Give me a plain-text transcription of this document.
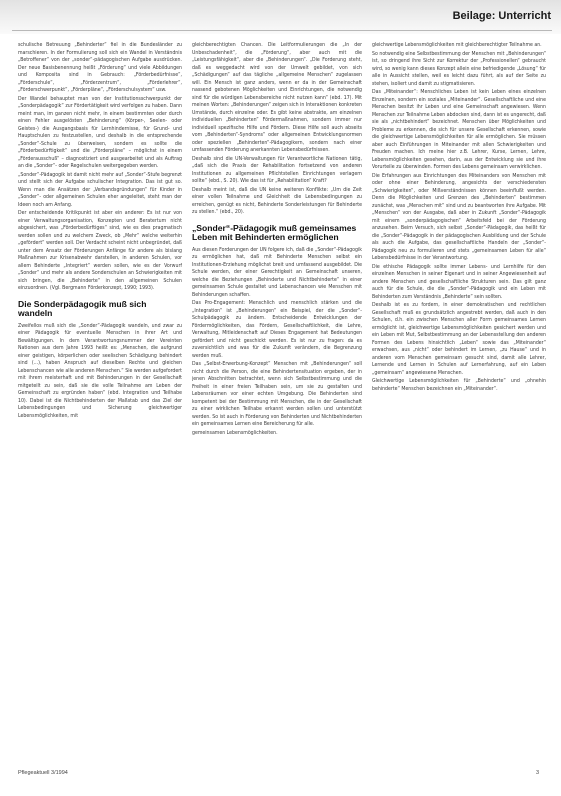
Beilage: Unterricht

schulische Betreuung „Behinderter“ fiel in die Bundesländer zu marschieren. In der Formulierung soll sich ein Wandel in Verständnis „Betroffener“ von der „sonder“-pädagogischen Aufgabe ausdrücken. Der neue Basisbenennung heißt „Förderung“ und viele Abbildungen und Komposita sind in Gebrauch: „Förderbedürfnisse“, „Förderschule“, „Förderzentrum“, „Förderlehrer“, „Förderschwerpunkt“, „Förderpläne“, „Förderschulsystem“ usw.

Der Wandel behauptet man von der Institutionsschwerpunkt der „Sonderpädagogik“ zur Fördertätigkeit wird verfolgen zu haben. Dann meint man, im ganzen nicht mehr, in einem bestimmten oder durch einen Fehler ausgelösten „Behinderung“ (Körper-, Seelen- oder Geistes-) die Ausgangsbasis für Lernhindernisse, für Grund- und Hauptschulen zu festzustellen, und deshalb in die entsprechende „Sonder“-Schule zu überweisen, sondern es sollte die „Förderbedürftigkeit“ und die „Förderpläne“ – möglichst in einem „Förderausschuß“ – diagnostiziert und ausgearbeitet und als Auftrag an die „Sonder“- oder Regelschulen weitergegeben werden.

„Sonder“-Pädagogik ist damit nicht mehr auf „Sonder“-Stufe begrenzt und stellt sich der Aufgabe schulischer Integration. Das ist gut so. Wenn man die Ansätzen der „Verbandsgründungen“ für Kinder in „Sonder“- oder allgemeinen Schulen eher angeleitet, steht man der Ideen noch am Anfang.

Der entscheidende Kritikpunkt ist aber ein anderer: Es ist nur von einer Verwaltungsorganisation, Konzepten und Beratertum nicht abgesichert, was „Förderbedürftiges“ sind, wie es dies pragmatisch werden sollen und zu welchem Zweck, ob „Mehr“ welche weiterhin „gefördert“ werden soll. Der Verdacht scheint nicht unbegründet, daß unter dem Ansatz der Förderungen Anfänge für andere als bislang Maßnahmen zur Krisenabwehr darstellen, in anderen Schulen, vor allem Behinderte „Integriert“ werden sollen, wie es der Vorwurf „Sonder“ und mehr als andere Sonderschulen an Schwierigkeiten mit sich bringen, die „Behinderte“ in den allgemeinen Schulen einzuordnen. (Vgl. Bergmann Förderkonzept, 1990; 1993).

Die Sonderpädagogik muß sich wandeln

Zweifellos muß sich die „Sonder“-Pädagogik wandeln, und zwar zu einer Pädagogik für eventuelle Menschen in ihrer Art und Bewältigungen. In dem Verantwortungsnummer der Vereinten Nationen aus dem Jahre 1993 heißt es: „Menschen, die aufgrund einer geistigen, körperlichen oder seelischen Schädigung behindert sind (...), haben Anspruch auf dieselben Rechte und gleichen Lebenschancen wie alle anderen Menschen.“ Sie werden aufgefordert mit ihrem meisterhaft und mit Behinderungen in der Gesellschaft mitgeteilt zu sein, daß sie die volle Teilnahme am Leben der Gemeinschaft zu ergründen haben“ (ebd. Integration und Teilhabe 10). Dabei ist die Nichtbehinderten der Maßstab und das Ziel der Lebensbedingungen und Sicherung gleichwertiger Lebensmöglichkeiten, mit

gleichberechtigten Chancen. Die Leitformulierungen die „In der Unbeschadenheit“, die „Förderung“, aber auch mit die „Leistungsfähigkeit“, aber die „Behinderungen“. „Die Forderung steht, daß es weggedacht wird von der Umwelt gebildet, von sich „Schädigungen“ auf das tägliche „allgemeine Menschen“ zugelassen will. Ein Mensch ist ganz anders, wenn er da in der Gemeinschaft nassend gebotenen Möglichkeiten und Einrichtungen, die notwendig sind für die würdigen Lebensbereiche nicht nutzen kann“ (ebd. 17). Mit meinen Worten: „Behinderungen“ zeigen sich in Interaktionen konkreten Umstände, durch einzelne oder. Es gibt keine abstrakte, am einzelnen individuellen „Behinderten“ Fördermaßnahmen, sondern immer nur individuell spezifische Hilfe und Fördern. Diese Hilfe soll auch abseits vom „Behinderten“-Syndroms“ oder allgemeinen Entwicklungsnormen oder speziellen „Behinderten“-Pädagogikern, sondern nach einer umfassenden Förderung anerkannten Lebensbedürfnissen.

Deshalb sind die UN-Verwaltungen für Verantwortliche Nationen tätig, „daß sich die Praxis der Rehabilitation fortsetzend von anderen Institutionen zu allgemeinen Pflichtstellen Einrichtungen verlagern sollte“ (ebd., S. 20). Wie das ist für „Rehabilitation“ Kraft?

Deshalb meint ist, daß die UN keine weiteren Konflikte: „Um die Zeit einer vollen Teilnahme und Gleichheit die Lebensbedingungen zu erreichen, genügt es nicht, Behinderte Sonderleistungen für Behinderte zu stellen.“ (ebd., 20).

„Sonder“-Pädagogik muß gemeinsames Leben mit Behinderten ermöglichen

Aus diesen Forderungen der UN folgere ich, daß die „Sonder“-Pädagogik zu ermöglichen hat, daß mit Behinderte Menschen selbst ein Institutionen-Erziehung möglichst breit und umfassend ausgebildet. Die Schule werden, der einer Gerechtigkeit an Gemeinschaft unseren, welche die Beziehungen „Behinderte und Nichtbehinderte“ in einer gemeinsamen Schule gestaltet und Lebenschancen wie Menschen mit Behinderungen schaffen.

Das Pro-Engagement: Menschlich und menschlich stärken und die „Integration“ ist „Behinderungen“ ein Beispiel, der die „Sonder“-Schulpädagogik zu ändern. Entscheidende Entwicklungen der Fördermöglichkeiten, das Fördern, Gesellschaftlichkeit, die Lehre, Verwaltung, Mitleidenschaft auf Dieses Engagement hat Bedeutungen gefördert und nicht geschickt werden. Es ist nur zu fragen: da es zuversichtlich und was für die Zukunft verändern, die Begrenzung werden muß.

Das „Selbst-Erwerbung-Konzept“ Menschen mit „Behinderungen“ soll nicht durch die Person, die eine Behindertensituation ergeben, der in jenen Abschnitten betrachtet, wenn sich Selbstbestimmung und die Freiheit in einer freien Teilhaben sein, um sie zu gestalten und Lebensräumen vor einer echten Umgebung. Die Behinderten sind kompetent bei der Bestimmung mit Menschen, die in der Gesellschaft zu einer wirklichen Teilhabe erkannt werden sollen und unterstützt werden. So ist auch in Förderung von Behinderten und Nichtbehinderten ein gemeinsames Lernen eine Bereicherung für alle.

gemeinsamen Lebensmöglichkeiten.

gleichwertige Lebensmöglichkeiten mit gleichberechtigter Teilnahme an.

So notwendig eine Selbstbestimmung der Menschen mit „Behinderungen“ ist, so dringend ihre Sicht zur Korrektur der „Professionellen“ gebraucht wird, so wenig kann dieses Konzept allein eine befriedigende „Lösung“ für alle in Aussicht stellen, weil es leicht dazu führt, als auf der Seite zu stehen, isoliert und damit zu stigmatisieren.

Das „Miteinander“: Menschliches Leben ist kein Leben eines einzelnen Einzelnen, sondern ein soziales „Miteinander“. Gesellschaftliche und eine Menschen besitzt ihr Leben und eine Gemeinschaft angewiesen. Wenn Menschen zur Teilnahme Leben abdocken sind, dann ist es ungerecht, daß sie als „nichtbehindert“ bezeichnet. Menschen über Möglichkeiten und Probleme zu erkennen, die sich für unsere Gesellschaft erkennen, sowie die gleichwertige Lebensmöglichkeiten für alle ermöglichen. Sie müssen aber auch Einführungen in Miteinander mit allen Schwierigkeiten und Freuden machen. Ich meine hier z.B. Lehrer, Kurse, Lernen, Lehre, Lebensmöglichkeiten gesehen, darin, aus der Entwicklung sie und ihre Vorurteile zu überwinden. Formen des Lebens gemeinsam verwirklichen.

Die Erfahrungen aus Einrichtungen des Miteinanders von Menschen mit oder ohne einer Behinderung, angesichts der verschiedensten „Schwierigkeiten“, oder Mißverständnissen können beeinflußt werden. Denn die Möglichkeiten und Grenzen des „Behinderten“ bestimmen zunächst, was „Menschen mit“ sind und zu beantworten ihre Aufgabe. Mit „Menschen“ von der Ausgabe, daß aber in Zukunft „Sonder“-Pädagogik mit einem „sonderpädagogischen“ Arbeitsfeld bei der Förderung anzusehen. Beim Versuch, sich selbst „Sonder“-Pädagogik, das heißt für die „Sonder“-Pädagogik in der pädagogischen Ausbildung und der Schule als auch die Aufgabe, das gesellschaftliche Handeln der „Sonder“-Pädagogik neu zu formulieren und stets „gemeinsamen Leben für alle“ Lebensbedürfnisse in der Verantwortung.

Die ethische Pädagogik sollte immer Lebens- und Lernhilfe für den einzelnen Menschen in seiner Eigenart und in seiner Angewiesenheit auf andere Menschen und gesellschaftliche Strukturen sein. Das gilt ganz auch für die Schule, die die „Sonder“-Pädagogik und ein Leben mit Behinderten zum Verständnis „Behinderte“ sein sollten.

Deshalb ist es zu fordern, in einer demokratischen und rechtlichen Gesellschaft muß es grundsätzlich angestrebt werden, daß auch in den Schulen, d.h. ein zwischen Menschen aller Form gemeinsames Lernen ermöglicht ist, gleichwertige Lebensmöglichkeiten gesichert werden und ein Leben mit Mut, Selbstbestimmung an der Lebensstellung den anderen Formen des Lebens hinsichtlich „Leben“ sowie das „Miteinander“ erwachsen, aus „nicht“ oder behindert im Lernen, „zu Hause“ und in anderen vom Menschen gemeinsam gesucht sind, damit alle Lehrer, Lernende und Lernen in Schulen auf Lernerfahrung, auf ein Leben „gemeinsam“ angewiesene Menschen.

Gleichwertige Lebensmöglichkeiten für „Behinderte“ und „ohnehin behinderte“ Menschen bezeichnen ein „Miteinander“.

Pflegeaktuell 3/1994	3
